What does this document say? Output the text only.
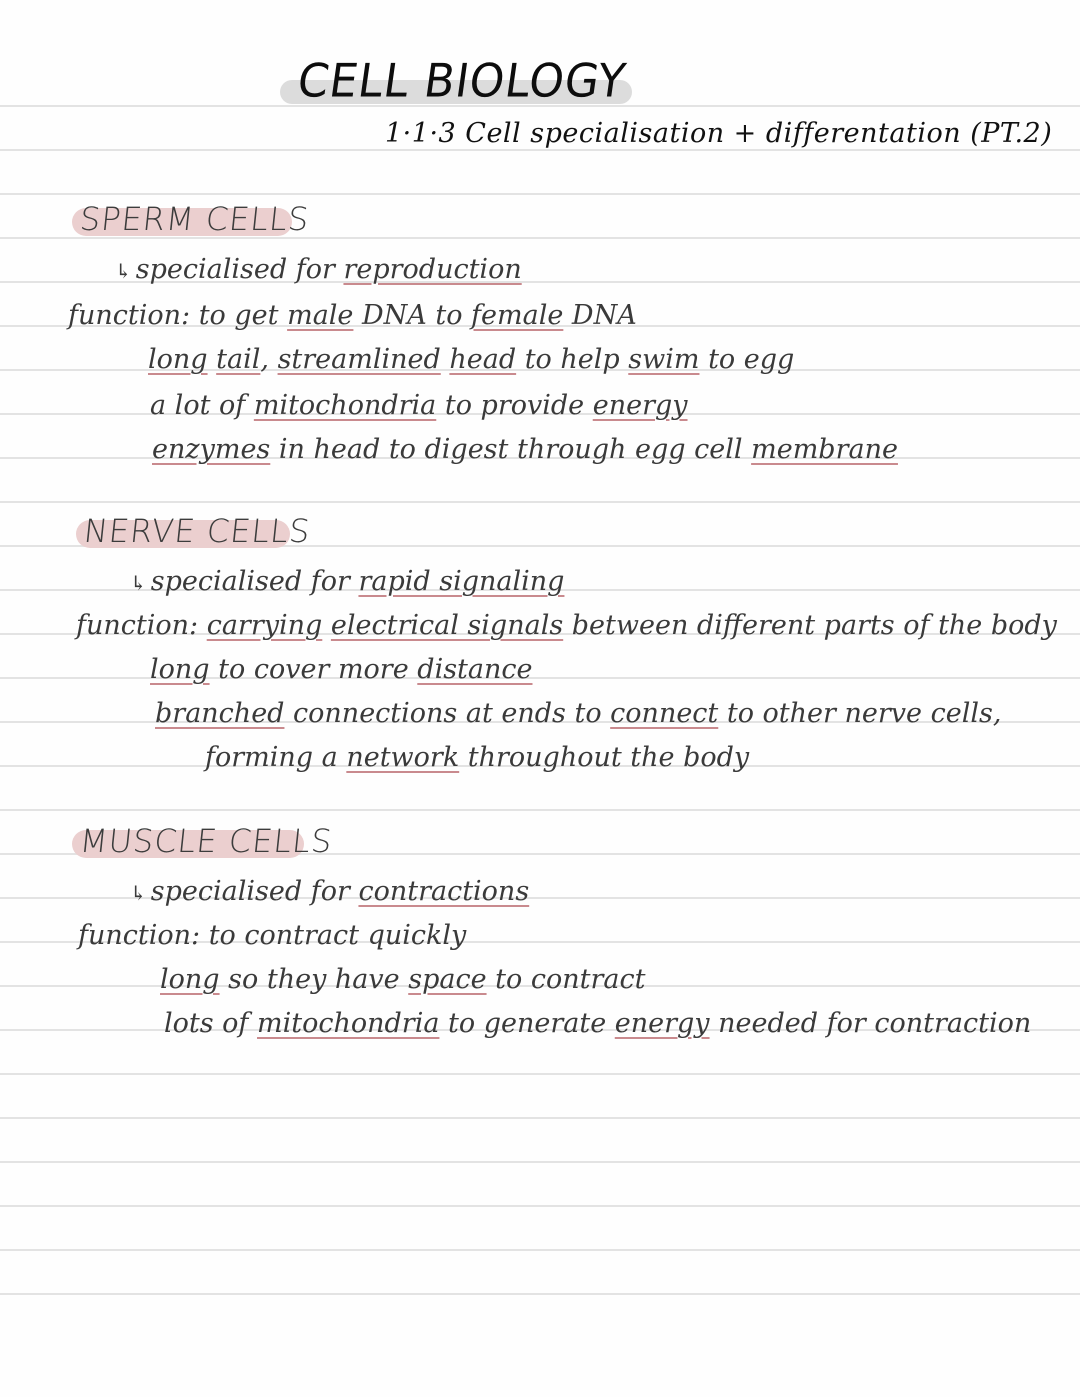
CELL BIOLOGY
1·1·3 Cell specialisation + differentation (PT.2)
SPERM CELLS
↳ specialised for reproduction
function: to get male DNA to female DNA
long tail, streamlined head to help swim to egg
a lot of mitochondria to provide energy
enzymes in head to digest through egg cell membrane
NERVE CELLS
↳ specialised for rapid signaling
function: carrying electrical signals between different parts of the body
long to cover more distance
branched connections at ends to connect to other nerve cells,
forming a network throughout the body
MUSCLE CELLS
↳ specialised for contractions
function: to contract quickly
long so they have space to contract
lots of mitochondria to generate energy needed for contraction
